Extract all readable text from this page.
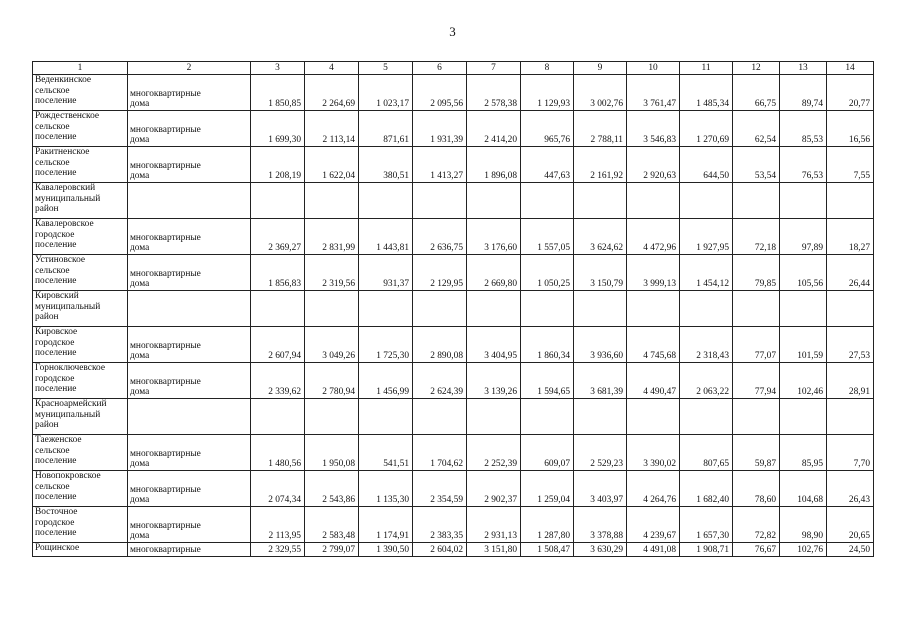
3
1	2	3	4	5	6	7	8	9	10	11	12	13	14

Веденкинское
сельское
поселение	многоквартирные
дома	1 850,85	2 264,69	1 023,17	2 095,56	2 578,38	1 129,93	3 002,76	3 761,47	1 485,34	66,75	89,74	20,77

Рождественское
сельское
поселение	многоквартирные
дома	1 699,30	2 113,14	871,61	1 931,39	2 414,20	965,76	2 788,11	3 546,83	1 270,69	62,54	85,53	16,56

Ракитненское
сельское
поселение	многоквартирные
дома	1 208,19	1 622,04	380,51	1 413,27	1 896,08	447,63	2 161,92	2 920,63	644,50	53,54	76,53	7,55

Кавалеровский
муниципальный
район													

Кавалеровское
городское
поселение	многоквартирные
дома	2 369,27	2 831,99	1 443,81	2 636,75	3 176,60	1 557,05	3 624,62	4 472,96	1 927,95	72,18	97,89	18,27

Устиновское
сельское
поселение	многоквартирные
дома	1 856,83	2 319,56	931,37	2 129,95	2 669,80	1 050,25	3 150,79	3 999,13	1 454,12	79,85	105,56	26,44

Кировский
муниципальный
район													

Кировское
городское
поселение	многоквартирные
дома	2 607,94	3 049,26	1 725,30	2 890,08	3 404,95	1 860,34	3 936,60	4 745,68	2 318,43	77,07	101,59	27,53

Горноключевское
городское
поселение	многоквартирные
дома	2 339,62	2 780,94	1 456,99	2 624,39	3 139,26	1 594,65	3 681,39	4 490,47	2 063,22	77,94	102,46	28,91

Красноармейский
муниципальный
район													

Таеженское
сельское
поселение	многоквартирные
дома	1 480,56	1 950,08	541,51	1 704,62	2 252,39	609,07	2 529,23	3 390,02	807,65	59,87	85,95	7,70

Новопокровское
сельское
поселение	многоквартирные
дома	2 074,34	2 543,86	1 135,30	2 354,59	2 902,37	1 259,04	3 403,97	4 264,76	1 682,40	78,60	104,68	26,43

Восточное
городское
поселение	многоквартирные
дома	2 113,95	2 583,48	1 174,91	2 383,35	2 931,13	1 287,80	3 378,88	4 239,67	1 657,30	72,82	98,90	20,65

Рощинское	многоквартирные	2 329,55	2 799,07	1 390,50	2 604,02	3 151,80	1 508,47	3 630,29	4 491,08	1 908,71	76,67	102,76	24,50
